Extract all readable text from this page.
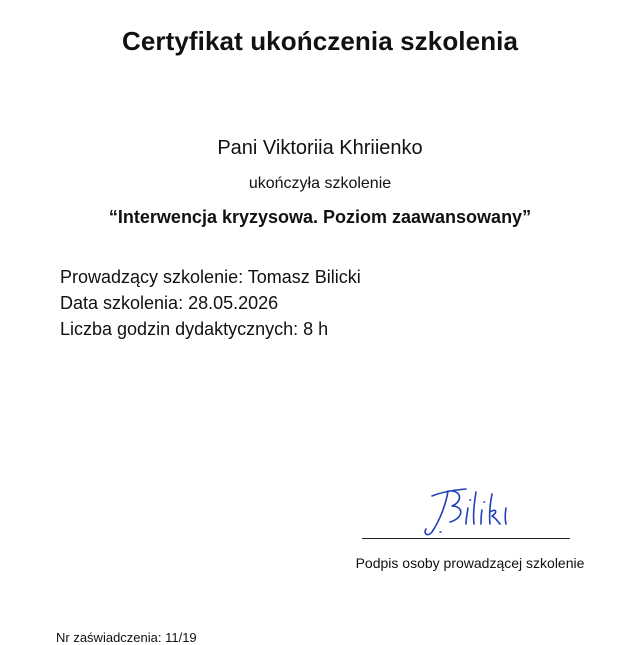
Certyfikat ukończenia szkolenia
Pani Viktoriia Khriienko
ukończyła szkolenie
“Interwencja kryzysowa. Poziom zaawansowany”
Prowadzący szkolenie: Tomasz Bilicki
Data szkolenia: 28.05.2026
Liczba godzin dydaktycznych: 8 h
Podpis osoby prowadzącej szkolenie
Nr zaświadczenia: 11/19
